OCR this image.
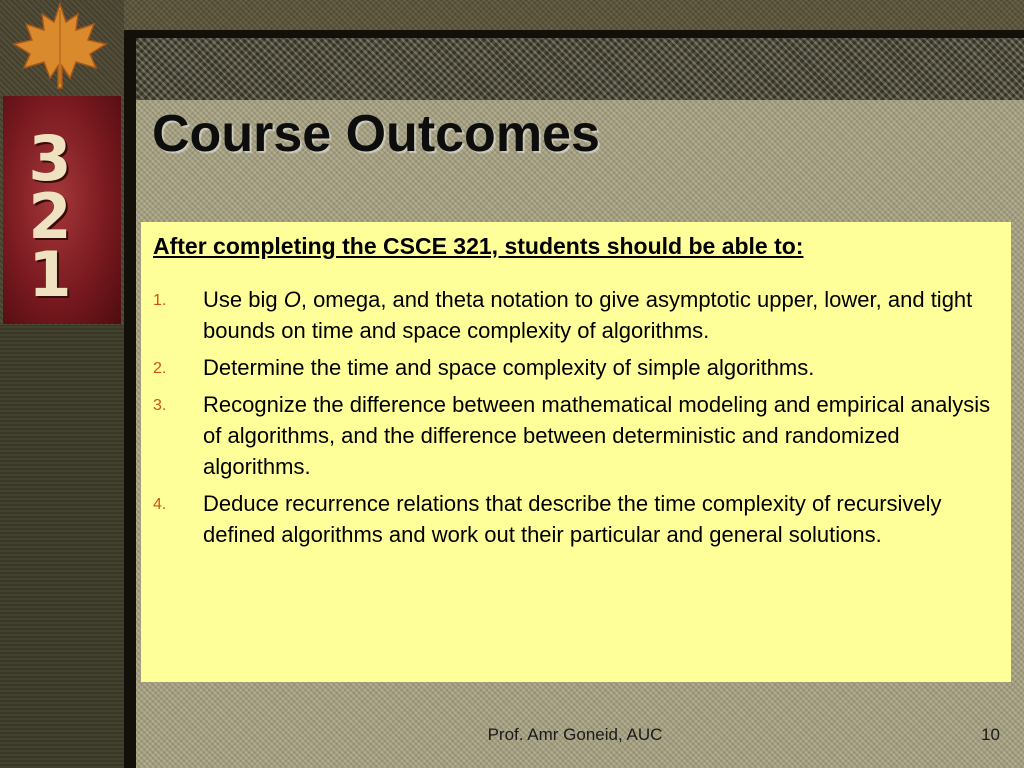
3
2
1
Course Outcomes

After completing the CSCE 321, students should be able to:

1. Use big O, omega, and theta notation to give asymptotic upper, lower, and tight bounds on time and space complexity of algorithms.
2. Determine the time and space complexity of simple algorithms.
3. Recognize the difference between mathematical modeling and empirical analysis of algorithms, and the difference between deterministic and randomized algorithms.
4. Deduce recurrence relations that describe the time complexity of recursively defined algorithms and work out their particular and general solutions.
Prof. Amr Goneid, AUC	10
